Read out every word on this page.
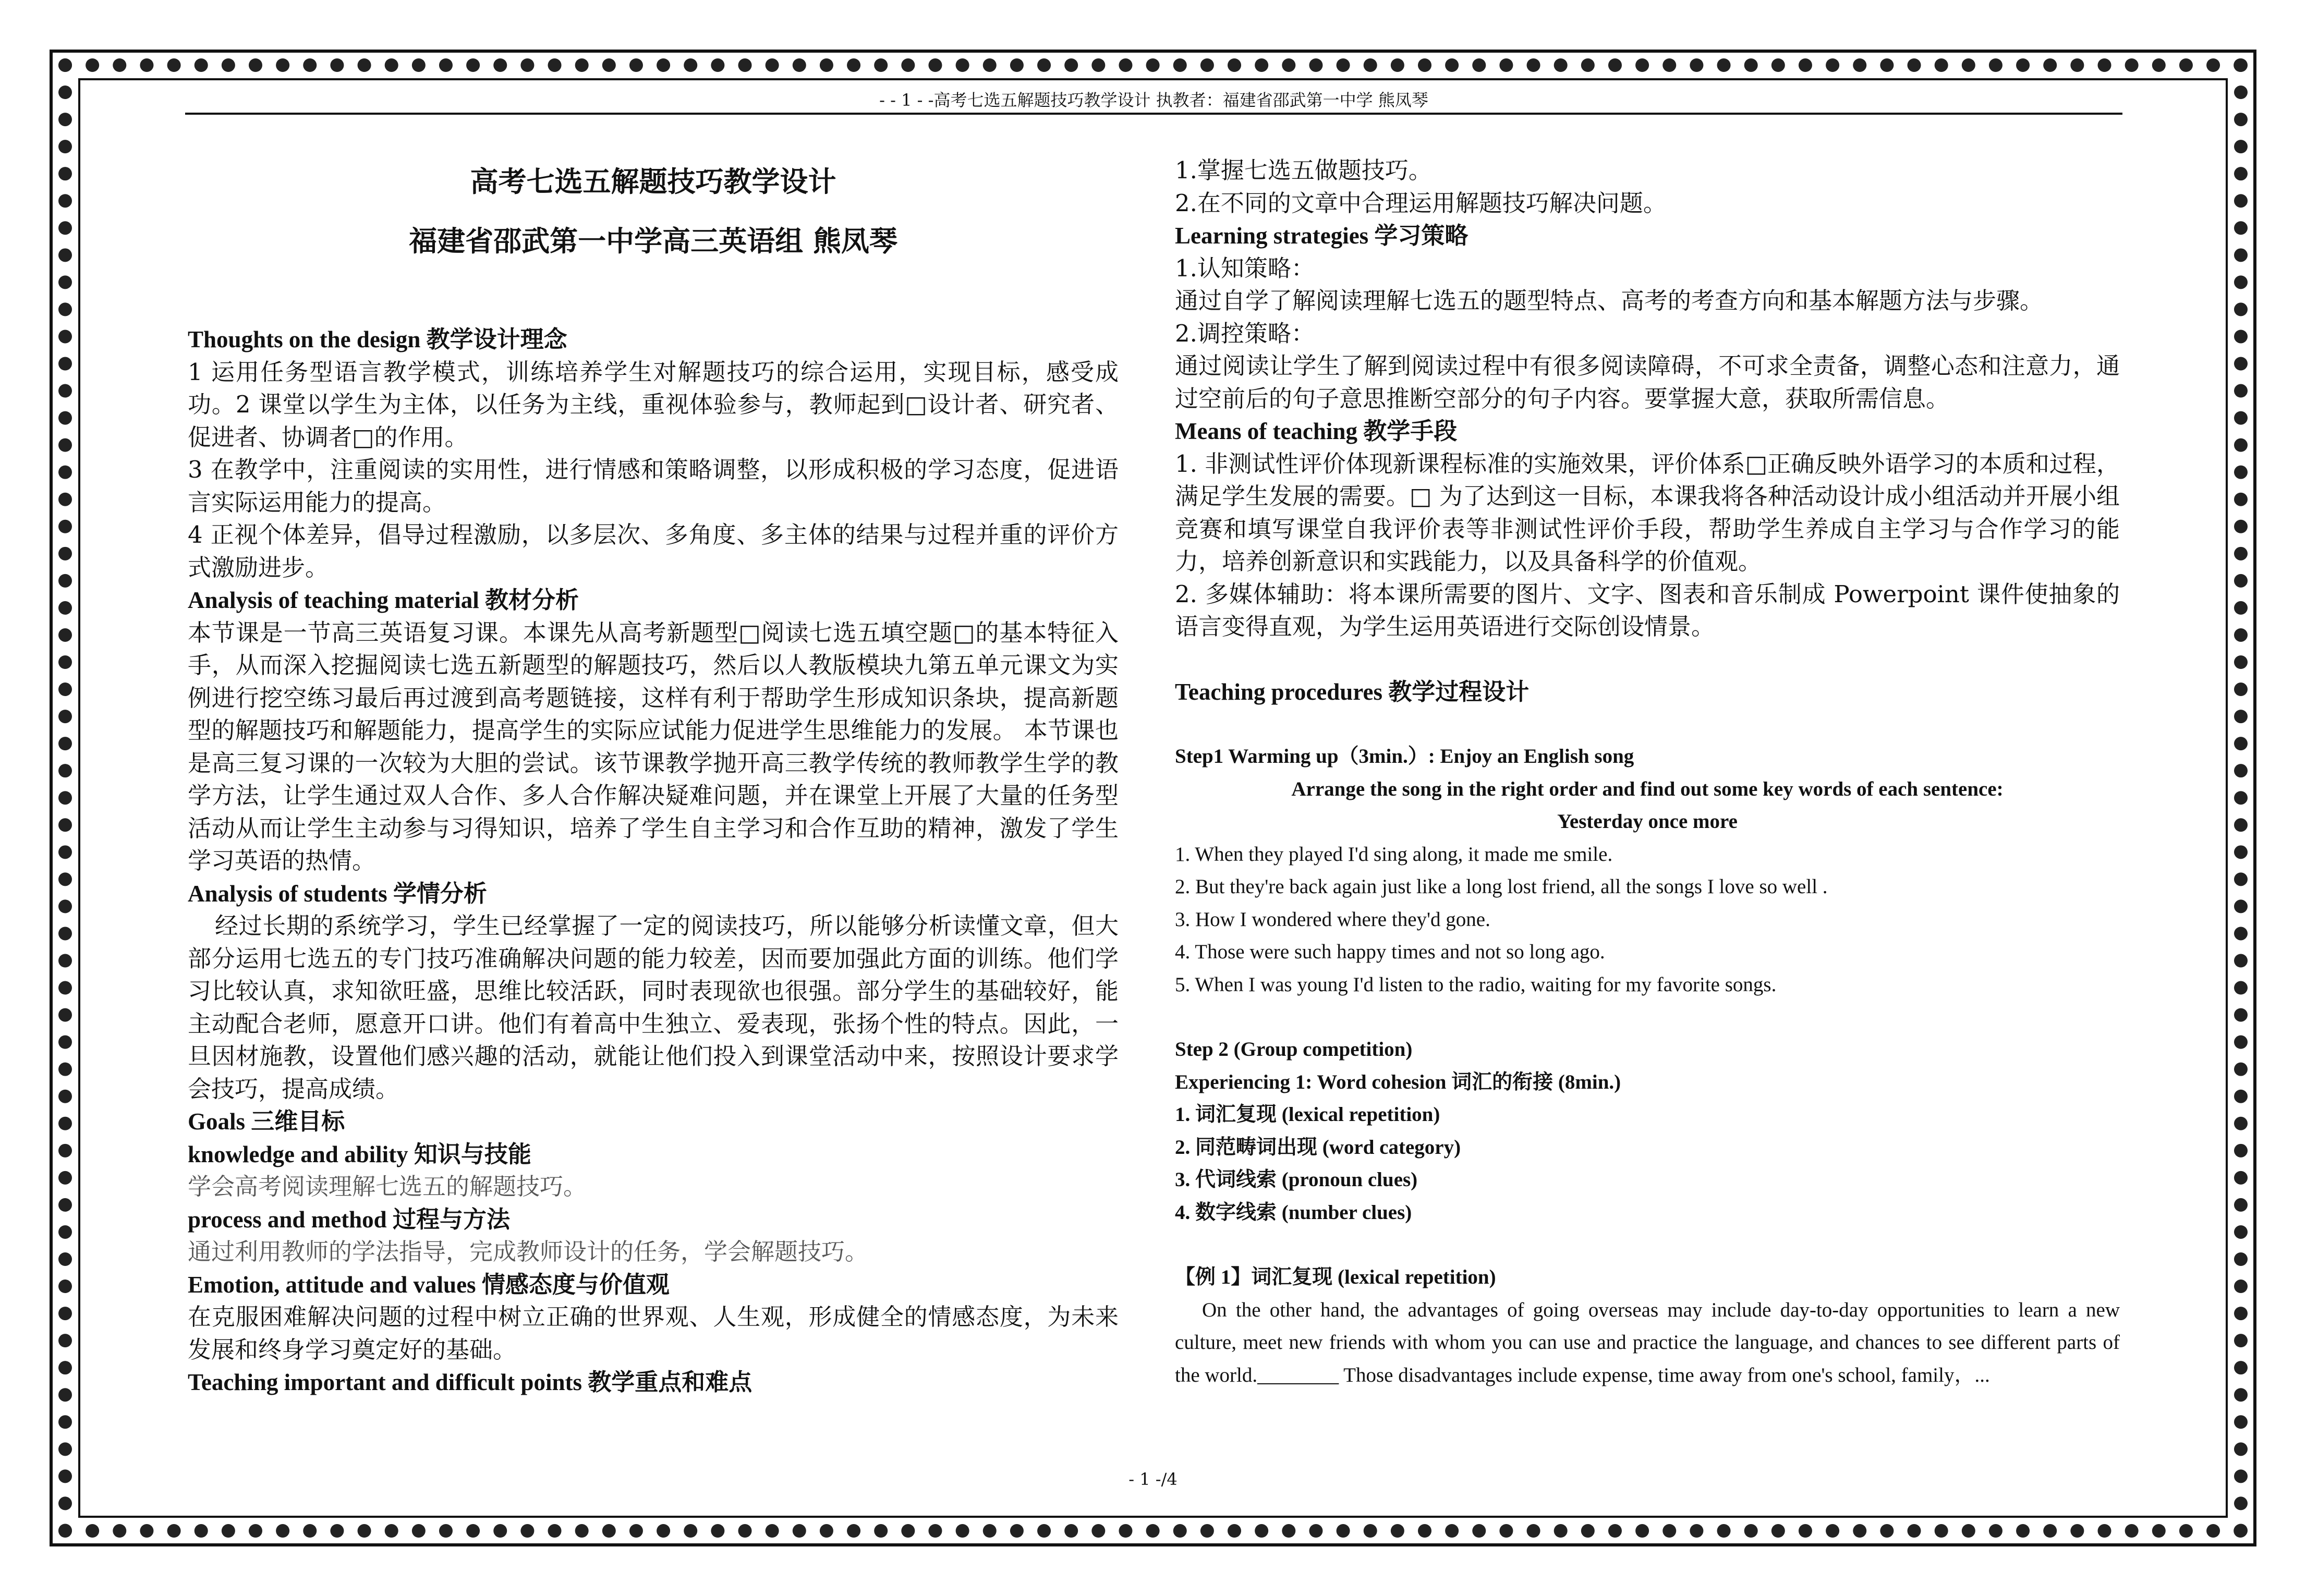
- - 1 - -高考七选五解题技巧教学设计 执教者：福建省邵武第一中学 熊凤琴
高考七选五解题技巧教学设计
福建省邵武第一中学高三英语组 熊凤琴

Thoughts on the design 教学设计理念

1 运用任务型语言教学模式，训练培养学生对解题技巧的综合运用，实现目标，感受成功。2 课堂以学生为主体，以任务为主线，重视体验参与，教师起到□设计者、研究者、促进者、协调者□的作用。

3 在教学中，注重阅读的实用性，进行情感和策略调整，以形成积极的学习态度，促进语言实际运用能力的提高。

4 正视个体差异，倡导过程激励，以多层次、多角度、多主体的结果与过程并重的评价方式激励进步。

Analysis of teaching material 教材分析

本节课是一节高三英语复习课。本课先从高考新题型□阅读七选五填空题□的基本特征入手，从而深入挖掘阅读七选五新题型的解题技巧，然后以人教版模块九第五单元课文为实例进行挖空练习最后再过渡到高考题链接，这样有利于帮助学生形成知识条块，提高新题型的解题技巧和解题能力，提高学生的实际应试能力促进学生思维能力的发展。 本节课也是高三复习课的一次较为大胆的尝试。该节课教学抛开高三教学传统的教师教学生学的教学方法，让学生通过双人合作、多人合作解决疑难问题，并在课堂上开展了大量的任务型活动从而让学生主动参与习得知识，培养了学生自主学习和合作互助的精神，激发了学生学习英语的热情。

Analysis of students 学情分析

经过长期的系统学习，学生已经掌握了一定的阅读技巧，所以能够分析读懂文章，但大部分运用七选五的专门技巧准确解决问题的能力较差，因而要加强此方面的训练。他们学习比较认真，求知欲旺盛，思维比较活跃，同时表现欲也很强。部分学生的基础较好，能主动配合老师，愿意开口讲。他们有着高中生独立、爱表现，张扬个性的特点。因此，一旦因材施教，设置他们感兴趣的活动，就能让他们投入到课堂活动中来，按照设计要求学会技巧，提高成绩。

Goals 三维目标

knowledge and ability 知识与技能

学会高考阅读理解七选五的解题技巧。

process and method 过程与方法

通过利用教师的学法指导，完成教师设计的任务，学会解题技巧。

Emotion, attitude and values 情感态度与价值观

在克服困难解决问题的过程中树立正确的世界观、人生观，形成健全的情感态度，为未来发展和终身学习奠定好的基础。

Teaching important and difficult points 教学重点和难点

1.掌握七选五做题技巧。

2.在不同的文章中合理运用解题技巧解决问题。

Learning strategies 学习策略

1.认知策略：

通过自学了解阅读理解七选五的题型特点、高考的考查方向和基本解题方法与步骤。

2.调控策略：

通过阅读让学生了解到阅读过程中有很多阅读障碍，不可求全责备，调整心态和注意力，通过空前后的句子意思推断空部分的句子内容。要掌握大意，获取所需信息。

Means of teaching 教学手段

1. 非测试性评价体现新课程标准的实施效果，评价体系□正确反映外语学习的本质和过程，满足学生发展的需要。□ 为了达到这一目标，本课我将各种活动设计成小组活动并开展小组竞赛和填写课堂自我评价表等非测试性评价手段，帮助学生养成自主学习与合作学习的能力，培养创新意识和实践能力，以及具备科学的价值观。

2. 多媒体辅助：将本课所需要的图片、文字、图表和音乐制成 Powerpoint 课件使抽象的语言变得直观，为学生运用英语进行交际创设情景。

Teaching procedures 教学过程设计

Step1 Warming up（3min.）: Enjoy an English song

Arrange the song in the right order and find out some key words of each sentence:

Yesterday once more

1. When they played I'd sing along, it made me smile.

2. But they're back again just like a long lost friend, all the songs I love so well .

3. How I wondered where they'd gone.

4. Those were such happy times and not so long ago.

5. When I was young I'd listen to the radio, waiting for my favorite songs.

Step 2 (Group competition)

Experiencing 1: Word cohesion 词汇的衔接 (8min.)

1. 词汇复现 (lexical repetition)

2. 同范畴词出现 (word category)

3. 代词线索 (pronoun clues)

4. 数字线索 (number clues)

【例 1】词汇复现 (lexical repetition)

On the other hand, the advantages of going overseas may include day-to-day opportunities to learn a new culture, meet new friends with whom you can use and practice the language, and chances to see different parts of the world.________ Those disadvantages include expense, time away from one's school, family，...

- 1 -/4
